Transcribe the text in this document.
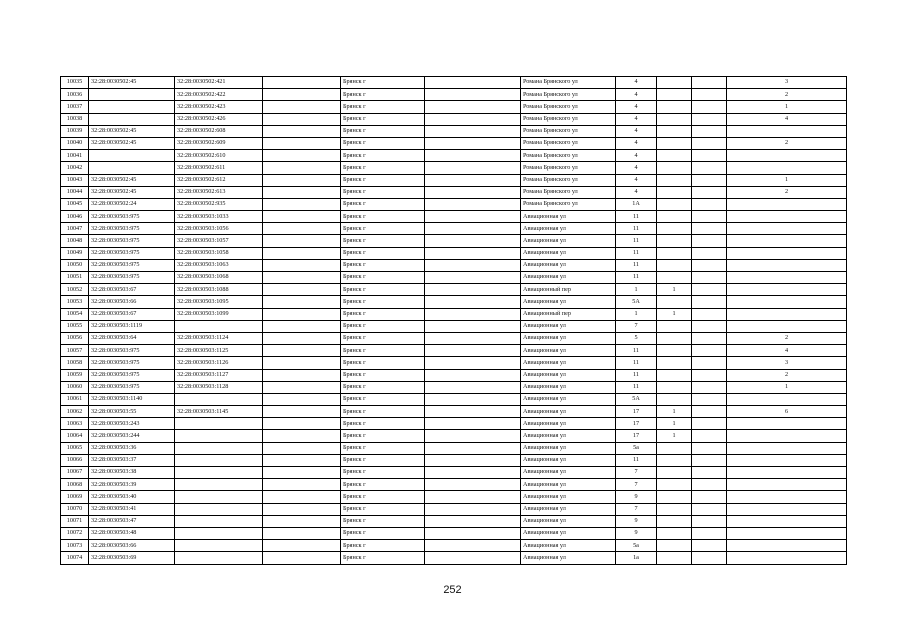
10035	32:28:0030502:45	32:28:0030502:421		Брянск г		Романа Брянского ул	4			3
10036		32:28:0030502:422		Брянск г		Романа Брянского ул	4			2
10037		32:28:0030502:423		Брянск г		Романа Брянского ул	4			1
10038		32:28:0030502:426		Брянск г		Романа Брянского ул	4			4
10039	32:28:0030502:45	32:28:0030502:608		Брянск г		Романа Брянского ул	4			
10040	32:28:0030502:45	32:28:0030502:609		Брянск г		Романа Брянского ул	4			2
10041		32:28:0030502:610		Брянск г		Романа Брянского ул	4			
10042		32:28:0030502:611		Брянск г		Романа Брянского ул	4			
10043	32:28:0030502:45	32:28:0030502:612		Брянск г		Романа Брянского ул	4			1
10044	32:28:0030502:45	32:28:0030502:613		Брянск г		Романа Брянского ул	4			2
10045	32:28:0030502:24	32:28:0030502:935		Брянск г		Романа Брянского ул	1А			
10046	32:28:0030503:975	32:28:0030503:1033		Брянск г		Авиационная ул	11			
10047	32:28:0030503:975	32:28:0030503:1056		Брянск г		Авиационная ул	11			
10048	32:28:0030503:975	32:28:0030503:1057		Брянск г		Авиационная ул	11			
10049	32:28:0030503:975	32:28:0030503:1058		Брянск г		Авиационная ул	11			
10050	32:28:0030503:975	32:28:0030503:1063		Брянск г		Авиационная ул	11			
10051	32:28:0030503:975	32:28:0030503:1068		Брянск г		Авиационная ул	11			
10052	32:28:0030503:67	32:28:0030503:1088		Брянск г		Авиационный пер	1	1		
10053	32:28:0030503:66	32:28:0030503:1095		Брянск г		Авиационная ул	5А			
10054	32:28:0030503:67	32:28:0030503:1099		Брянск г		Авиационный пер	1	1		
10055	32:28:0030503:1119			Брянск г		Авиационная ул	7			
10056	32:28:0030503:64	32:28:0030503:1124		Брянск г		Авиационная ул	5			2
10057	32:28:0030503:975	32:28:0030503:1125		Брянск г		Авиационная ул	11			4
10058	32:28:0030503:975	32:28:0030503:1126		Брянск г		Авиационная ул	11			3
10059	32:28:0030503:975	32:28:0030503:1127		Брянск г		Авиационная ул	11			2
10060	32:28:0030503:975	32:28:0030503:1128		Брянск г		Авиационная ул	11			1
10061	32:28:0030503:1140			Брянск г		Авиационная ул	5А			
10062	32:28:0030503:55	32:28:0030503:1145		Брянск г		Авиационная ул	17	1		6
10063	32:28:0030503:243			Брянск г		Авиационная ул	17	1		
10064	32:28:0030503:244			Брянск г		Авиационная ул	17	1		
10065	32:28:0030503:36			Брянск г		Авиационная ул	5а			
10066	32:28:0030503:37			Брянск г		Авиационная ул	11			
10067	32:28:0030503:38			Брянск г		Авиационная ул	7			
10068	32:28:0030503:39			Брянск г		Авиационная ул	7			
10069	32:28:0030503:40			Брянск г		Авиационная ул	9			
10070	32:28:0030503:41			Брянск г		Авиационная ул	7			
10071	32:28:0030503:47			Брянск г		Авиационная ул	9			
10072	32:28:0030503:48			Брянск г		Авиационная ул	9			
10073	32:28:0030503:66			Брянск г		Авиационная ул	5а			
10074	32:28:0030503:69			Брянск г		Авиационная ул	1а			
252
